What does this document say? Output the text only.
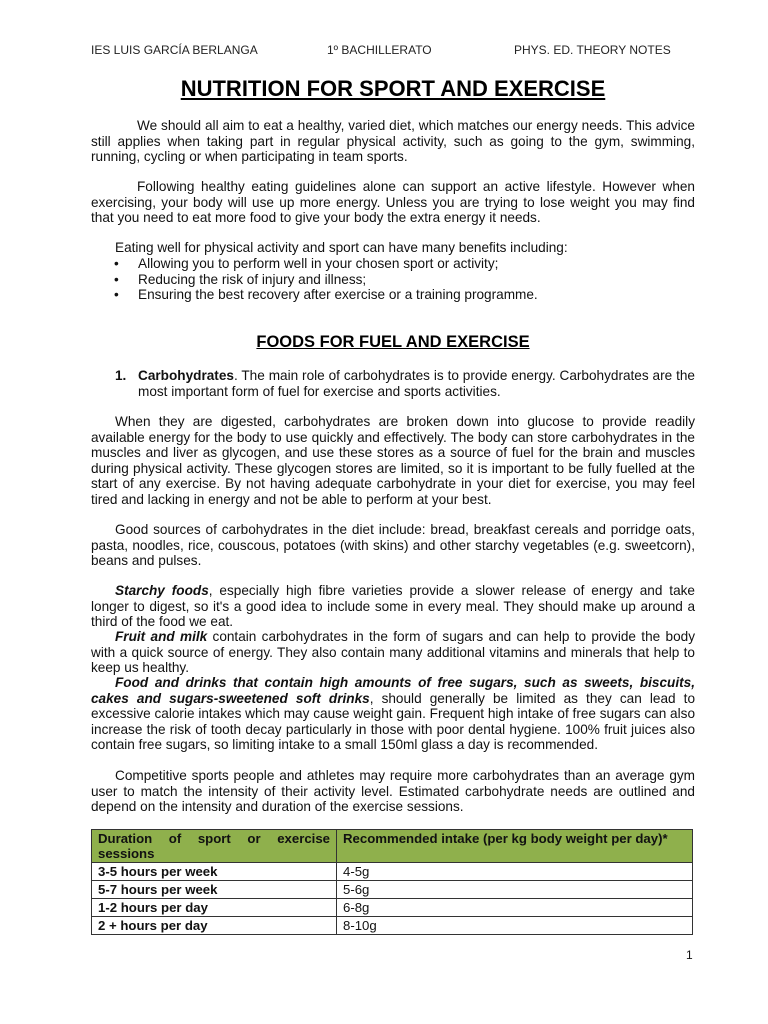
IES LUIS GARCÍA BERLANGA	1º BACHILLERATO	PHYS. ED. THEORY NOTES
NUTRITION FOR SPORT AND EXERCISE

We should all aim to eat a healthy, varied diet, which matches our energy needs. This advice still applies when taking part in regular physical activity, such as going to the gym, swimming, running, cycling or when participating in team sports.

Following healthy eating guidelines alone can support an active lifestyle. However when exercising, your body will use up more energy. Unless you are trying to lose weight you may find that you need to eat more food to give your body the extra energy it needs.

Eating well for physical activity and sport can have many benefits including:

• Allowing you to perform well in your chosen sport or activity;
• Reducing the risk of injury and illness;
• Ensuring the best recovery after exercise or a training programme.
FOODS FOR FUEL AND EXERCISE
1. Carbohydrates. The main role of carbohydrates is to provide energy. Carbohydrates are the most important form of fuel for exercise and sports activities.

When they are digested, carbohydrates are broken down into glucose to provide readily available energy for the body to use quickly and effectively. The body can store carbohydrates in the muscles and liver as glycogen, and use these stores as a source of fuel for the brain and muscles during physical activity. These glycogen stores are limited, so it is important to be fully fuelled at the start of any exercise. By not having adequate carbohydrate in your diet for exercise, you may feel tired and lacking in energy and not be able to perform at your best.

Good sources of carbohydrates in the diet include: bread, breakfast cereals and porridge oats, pasta, noodles, rice, couscous, potatoes (with skins) and other starchy vegetables (e.g. sweetcorn), beans and pulses.

Starchy foods, especially high fibre varieties provide a slower release of energy and take longer to digest, so it's a good idea to include some in every meal. They should make up around a third of the food we eat.

Fruit and milk contain carbohydrates in the form of sugars and can help to provide the body with a quick source of energy. They also contain many additional vitamins and minerals that help to keep us healthy.

Food and drinks that contain high amounts of free sugars, such as sweets, biscuits, cakes and sugars-sweetened soft drinks, should generally be limited as they can lead to excessive calorie intakes which may cause weight gain. Frequent high intake of free sugars can also increase the risk of tooth decay particularly in those with poor dental hygiene. 100% fruit juices also contain free sugars, so limiting intake to a small 150ml glass a day is recommended.

Competitive sports people and athletes may require more carbohydrates than an average gym user to match the intensity of their activity level. Estimated carbohydrate needs are outlined and depend on the intensity and duration of the exercise sessions.

Duration of sport or exercise sessions	Recommended intake (per kg body weight per day)*
3-5 hours per week	4-5g
5-7 hours per week	5-6g
1-2 hours per day	6-8g
2 + hours per day	8-10g
1
